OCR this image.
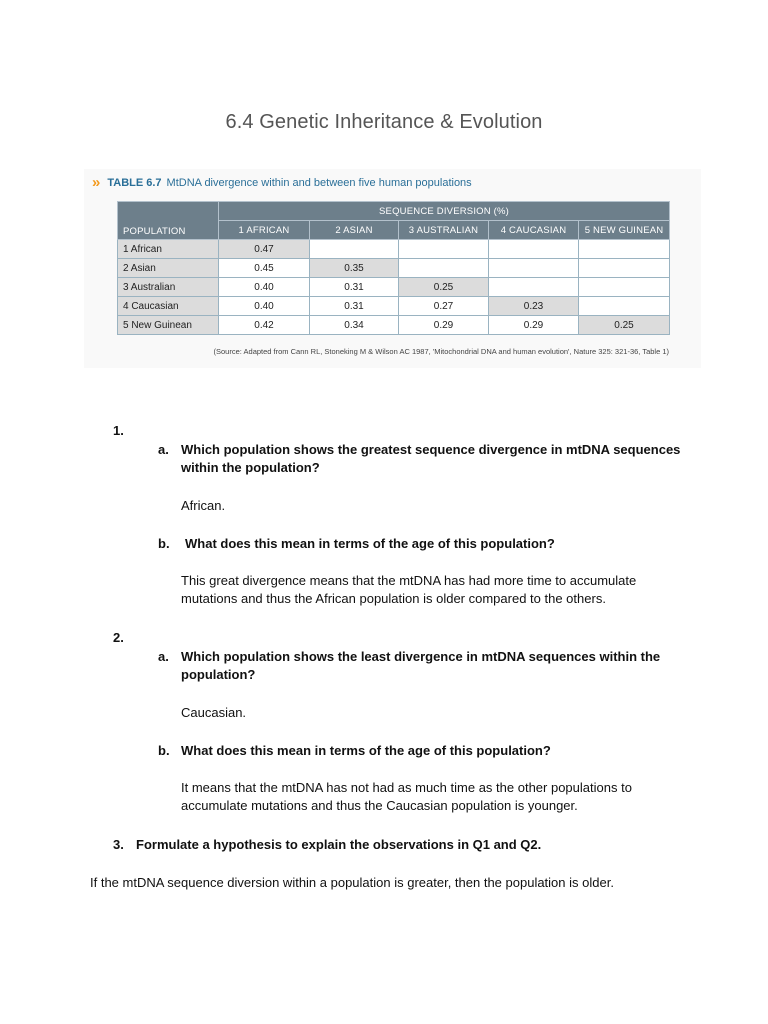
6.4 Genetic Inheritance & Evolution
» TABLE 6.7 MtDNA divergence within and between five human populations
POPULATION	SEQUENCE DIVERSION (%)				
	1 AFRICAN	2 ASIAN	3 AUSTRALIAN	4 CAUCASIAN	5 NEW GUINEAN
1 African	0.47				
2 Asian	0.45	0.35			
3 Australian	0.40	0.31	0.25		
4 Caucasian	0.40	0.31	0.27	0.23	
5 New Guinean	0.42	0.34	0.29	0.29	0.25
(Source: Adapted from Cann RL, Stoneking M & Wilson AC 1987, 'Mitochondrial DNA and human evolution', Nature 325: 321-36, Table 1)
1.
a. Which population shows the greatest sequence divergence in mtDNA sequences within the population?
African.
b. What does this mean in terms of the age of this population?
This great divergence means that the mtDNA has had more time to accumulate mutations and thus the African population is older compared to the others.
2.
a. Which population shows the least divergence in mtDNA sequences within the population?
Caucasian.
b. What does this mean in terms of the age of this population?
It means that the mtDNA has not had as much time as the other populations to accumulate mutations and thus the Caucasian population is younger.
3. Formulate a hypothesis to explain the observations in Q1 and Q2.
If the mtDNA sequence diversion within a population is greater, then the population is older.
